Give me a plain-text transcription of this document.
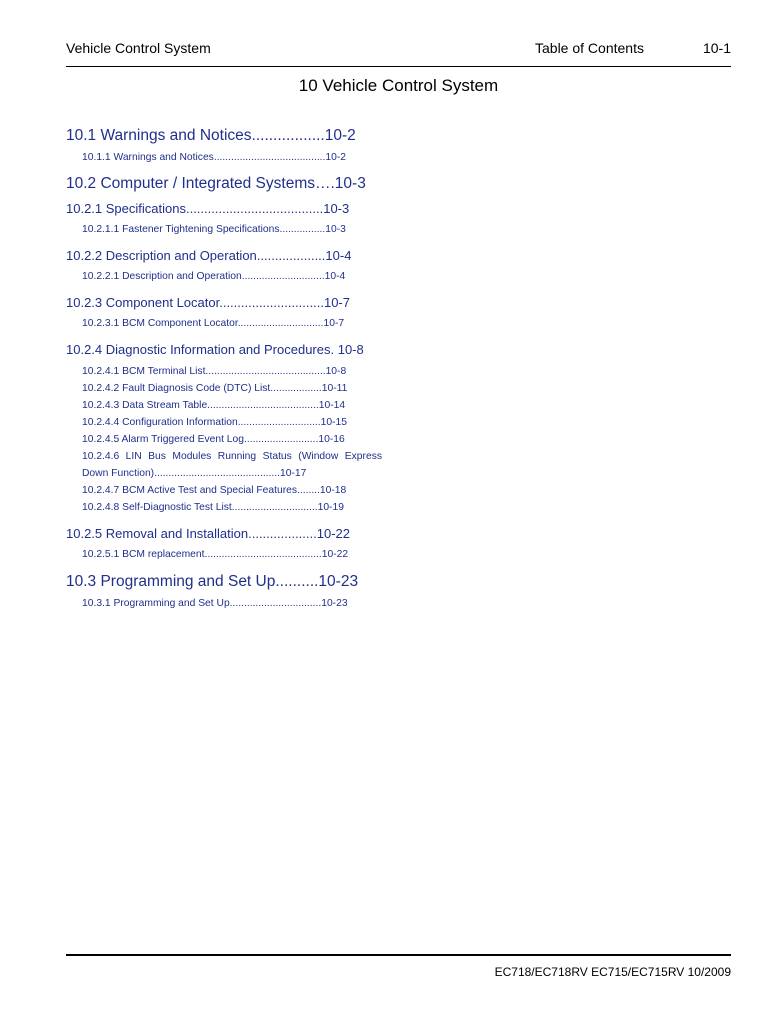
Vehicle Control System	Table of Contents	10-1
10 Vehicle Control System
10.1 Warnings and Notices.................10-2
10.1.1 Warnings and Notices.......................................10-2
10.2 Computer / Integrated Systems….10-3
10.2.1 Specifications......................................10-3
10.2.1.1 Fastener Tightening Specifications................10-3
10.2.2 Description and Operation...................10-4
10.2.2.1 Description and Operation.............................10-4
10.2.3 Component Locator.............................10-7
10.2.3.1 BCM Component Locator..............................10-7
10.2.4 Diagnostic Information and Procedures. 10-8
10.2.4.1 BCM Terminal List..........................................10-8
10.2.4.2 Fault Diagnosis Code (DTC) List..................10-11
10.2.4.3 Data Stream Table.......................................10-14
10.2.4.4 Configuration Information.............................10-15
10.2.4.5 Alarm Triggered Event Log..........................10-16
10.2.4.6 LIN Bus Modules Running Status (Window Express Down Function)............................................10-17
10.2.4.7 BCM Active Test and Special Features........10-18
10.2.4.8 Self-Diagnostic Test List..............................10-19
10.2.5 Removal and Installation...................10-22
10.2.5.1 BCM replacement.........................................10-22
10.3 Programming and Set Up..........10-23
10.3.1 Programming and Set Up................................10-23
EC718/EC718RV EC715/EC715RV 10/2009
